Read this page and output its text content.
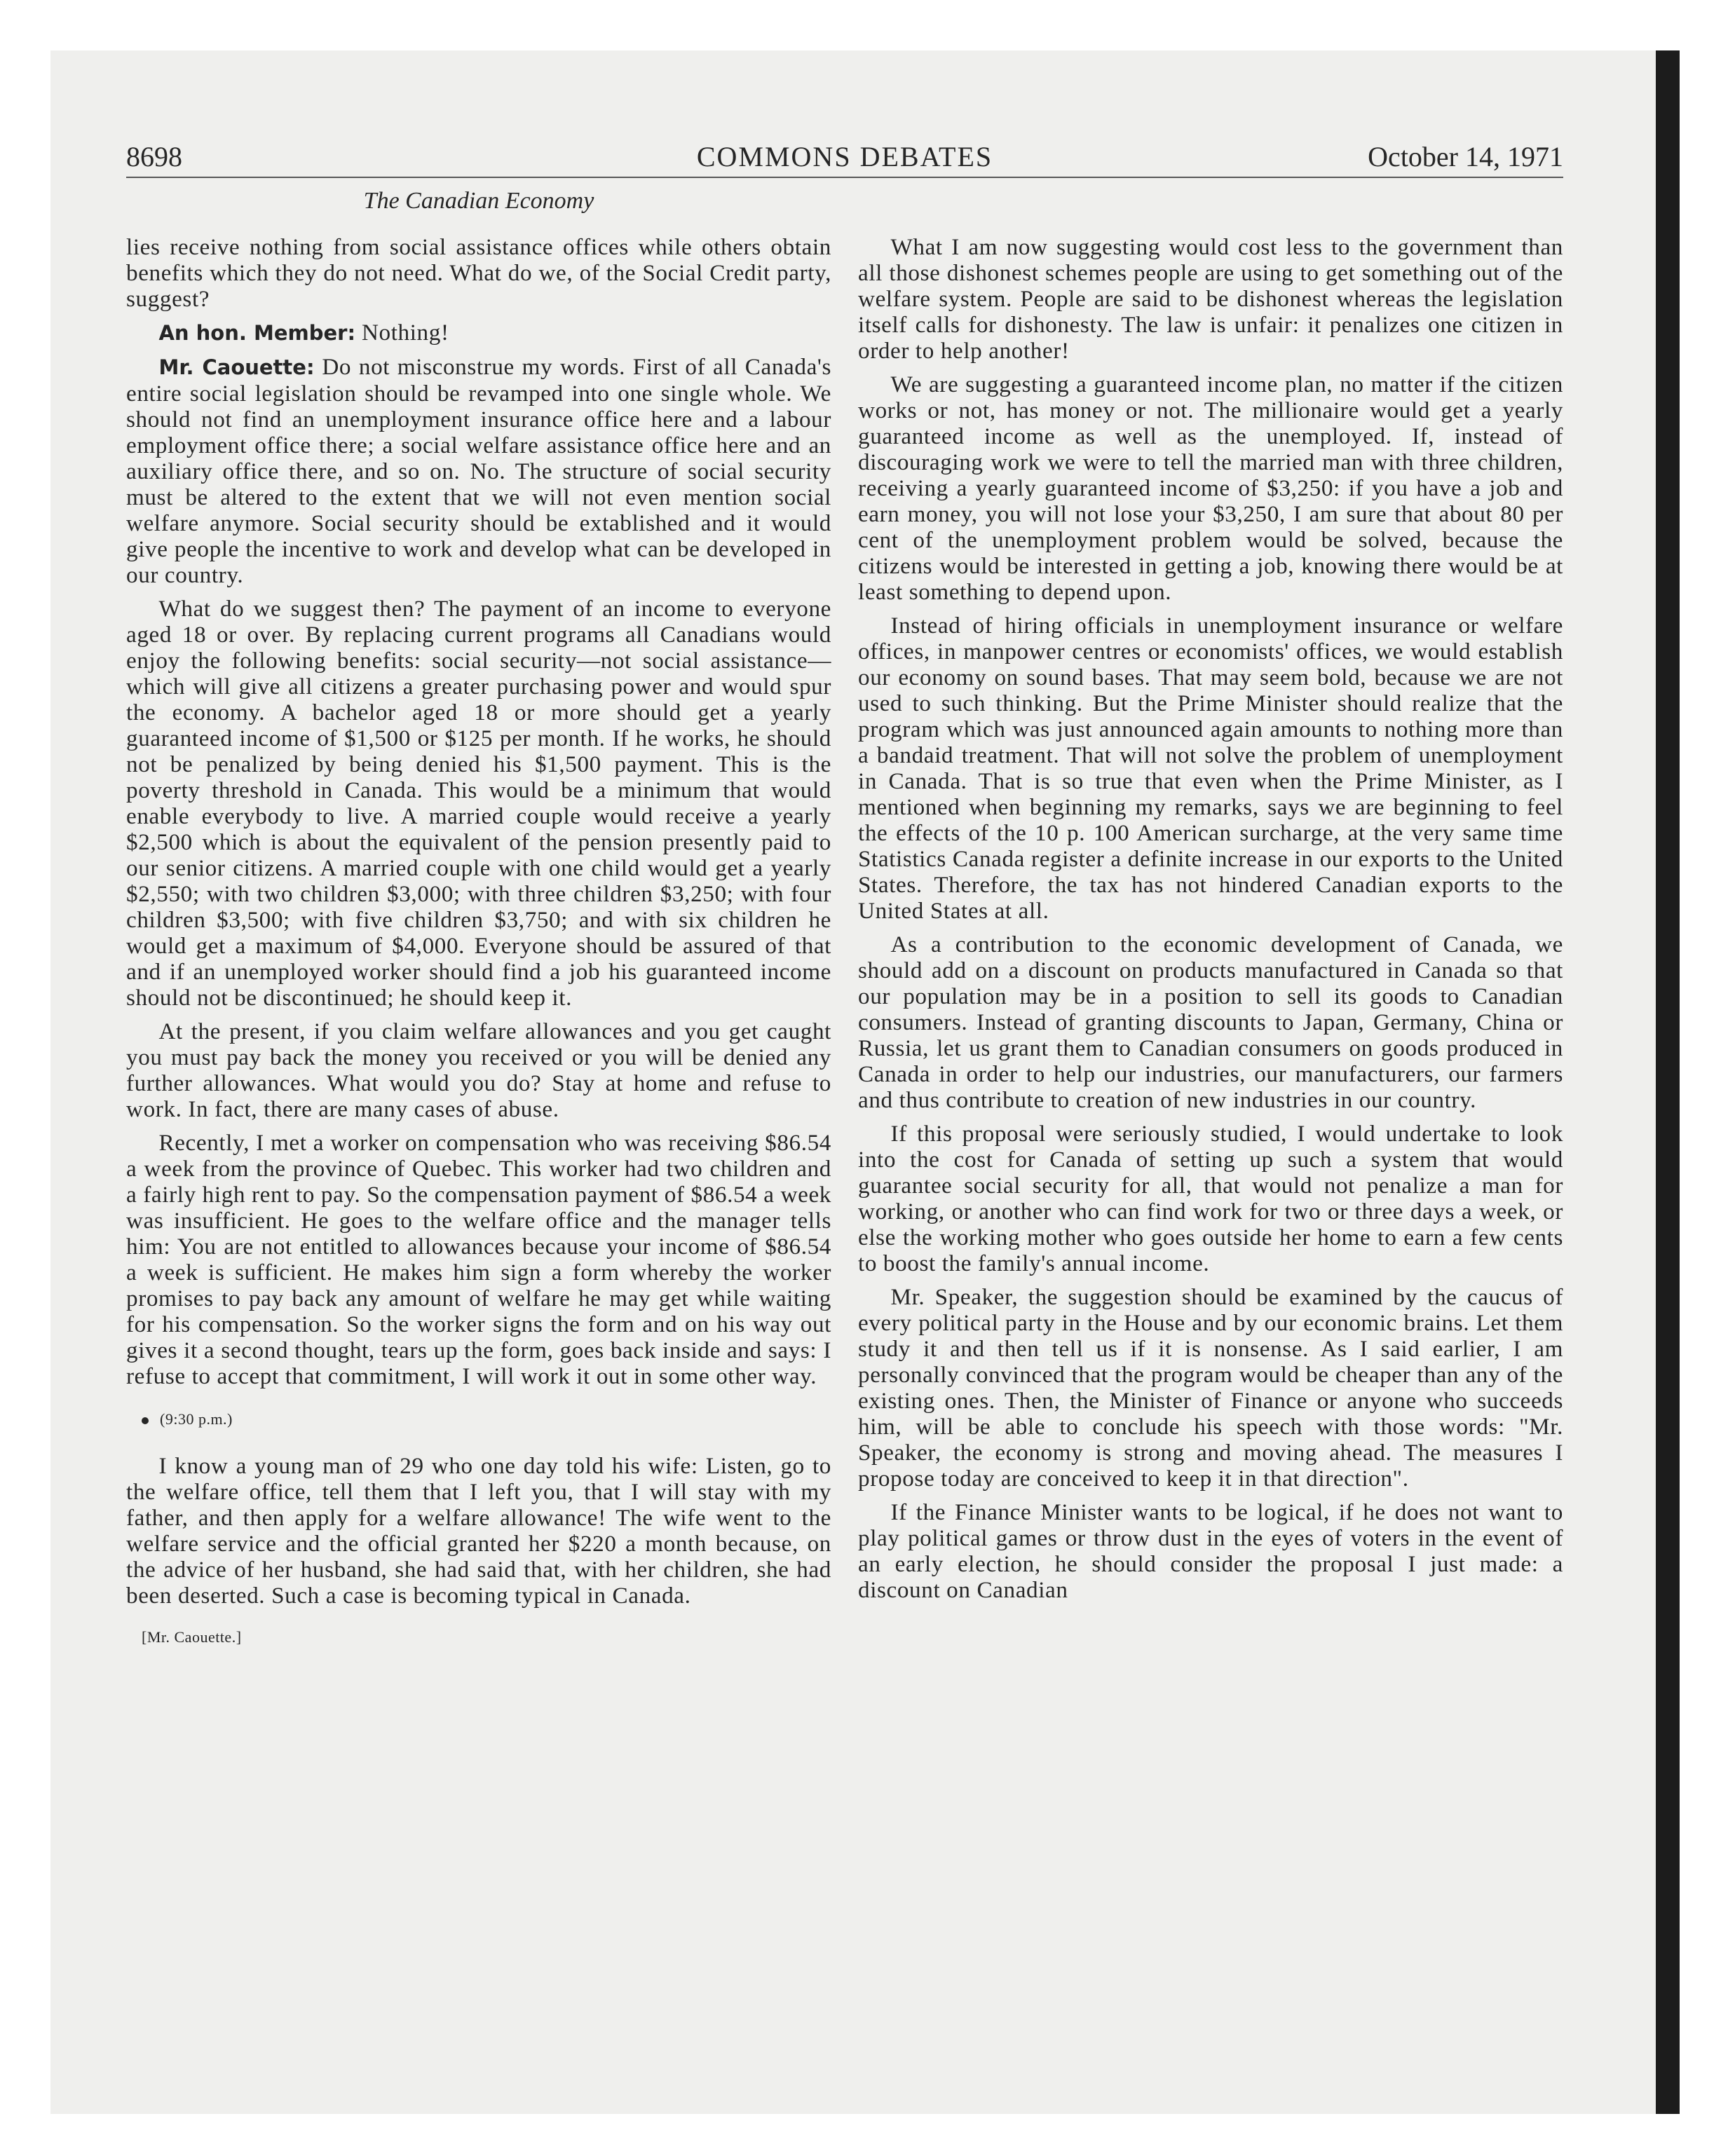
8698	COMMONS DEBATES	October 14, 1971
The Canadian Economy

lies receive nothing from social assistance offices while others obtain benefits which they do not need. What do we, of the Social Credit party, suggest?

An hon. Member: Nothing!

Mr. Caouette: Do not misconstrue my words. First of all Canada's entire social legislation should be revamped into one single whole. We should not find an unemployment insurance office here and a labour employment office there; a social welfare assistance office here and an auxiliary office there, and so on. No. The structure of social security must be altered to the extent that we will not even mention social welfare anymore. Social security should be extablished and it would give people the incentive to work and develop what can be developed in our country.

What do we suggest then? The payment of an income to everyone aged 18 or over. By replacing current programs all Canadians would enjoy the following benefits: social security—not social assistance—which will give all citizens a greater purchasing power and would spur the economy. A bachelor aged 18 or more should get a yearly guaranteed income of $1,500 or $125 per month. If he works, he should not be penalized by being denied his $1,500 payment. This is the poverty threshold in Canada. This would be a minimum that would enable everybody to live. A married couple would receive a yearly $2,500 which is about the equivalent of the pension presently paid to our senior citizens. A married couple with one child would get a yearly $2,550; with two children $3,000; with three children $3,250; with four children $3,500; with five children $3,750; and with six children he would get a maximum of $4,000. Everyone should be assured of that and if an unemployed worker should find a job his guaranteed income should not be discontinued; he should keep it.

At the present, if you claim welfare allowances and you get caught you must pay back the money you received or you will be denied any further allowances. What would you do? Stay at home and refuse to work. In fact, there are many cases of abuse.

Recently, I met a worker on compensation who was receiving $86.54 a week from the province of Quebec. This worker had two children and a fairly high rent to pay. So the compensation payment of $86.54 a week was insufficient. He goes to the welfare office and the manager tells him: You are not entitled to allowances because your income of $86.54 a week is sufficient. He makes him sign a form whereby the worker promises to pay back any amount of welfare he may get while waiting for his compensation. So the worker signs the form and on his way out gives it a second thought, tears up the form, goes back inside and says: I refuse to accept that commitment, I will work it out in some other way.

(9:30 p.m.)

I know a young man of 29 who one day told his wife: Listen, go to the welfare office, tell them that I left you, that I will stay with my father, and then apply for a welfare allowance! The wife went to the welfare service and the official granted her $220 a month because, on the advice of her husband, she had said that, with her children, she had been deserted. Such a case is becoming typical in Canada.

[Mr. Caouette.]

What I am now suggesting would cost less to the government than all those dishonest schemes people are using to get something out of the welfare system. People are said to be dishonest whereas the legislation itself calls for dishonesty. The law is unfair: it penalizes one citizen in order to help another!

We are suggesting a guaranteed income plan, no matter if the citizen works or not, has money or not. The millionaire would get a yearly guaranteed income as well as the unemployed. If, instead of discouraging work we were to tell the married man with three children, receiving a yearly guaranteed income of $3,250: if you have a job and earn money, you will not lose your $3,250, I am sure that about 80 per cent of the unemployment problem would be solved, because the citizens would be interested in getting a job, knowing there would be at least something to depend upon.

Instead of hiring officials in unemployment insurance or welfare offices, in manpower centres or economists' offices, we would establish our economy on sound bases. That may seem bold, because we are not used to such thinking. But the Prime Minister should realize that the program which was just announced again amounts to nothing more than a bandaid treatment. That will not solve the problem of unemployment in Canada. That is so true that even when the Prime Minister, as I mentioned when beginning my remarks, says we are beginning to feel the effects of the 10 p. 100 American surcharge, at the very same time Statistics Canada register a definite increase in our exports to the United States. Therefore, the tax has not hindered Canadian exports to the United States at all.

As a contribution to the economic development of Canada, we should add on a discount on products manufactured in Canada so that our population may be in a position to sell its goods to Canadian consumers. Instead of granting discounts to Japan, Germany, China or Russia, let us grant them to Canadian consumers on goods produced in Canada in order to help our industries, our manufacturers, our farmers and thus contribute to creation of new industries in our country.

If this proposal were seriously studied, I would undertake to look into the cost for Canada of setting up such a system that would guarantee social security for all, that would not penalize a man for working, or another who can find work for two or three days a week, or else the working mother who goes outside her home to earn a few cents to boost the family's annual income.

Mr. Speaker, the suggestion should be examined by the caucus of every political party in the House and by our economic brains. Let them study it and then tell us if it is nonsense. As I said earlier, I am personally convinced that the program would be cheaper than any of the existing ones. Then, the Minister of Finance or anyone who succeeds him, will be able to conclude his speech with those words: "Mr. Speaker, the economy is strong and moving ahead. The measures I propose today are conceived to keep it in that direction".

If the Finance Minister wants to be logical, if he does not want to play political games or throw dust in the eyes of voters in the event of an early election, he should consider the proposal I just made: a discount on Canadian
